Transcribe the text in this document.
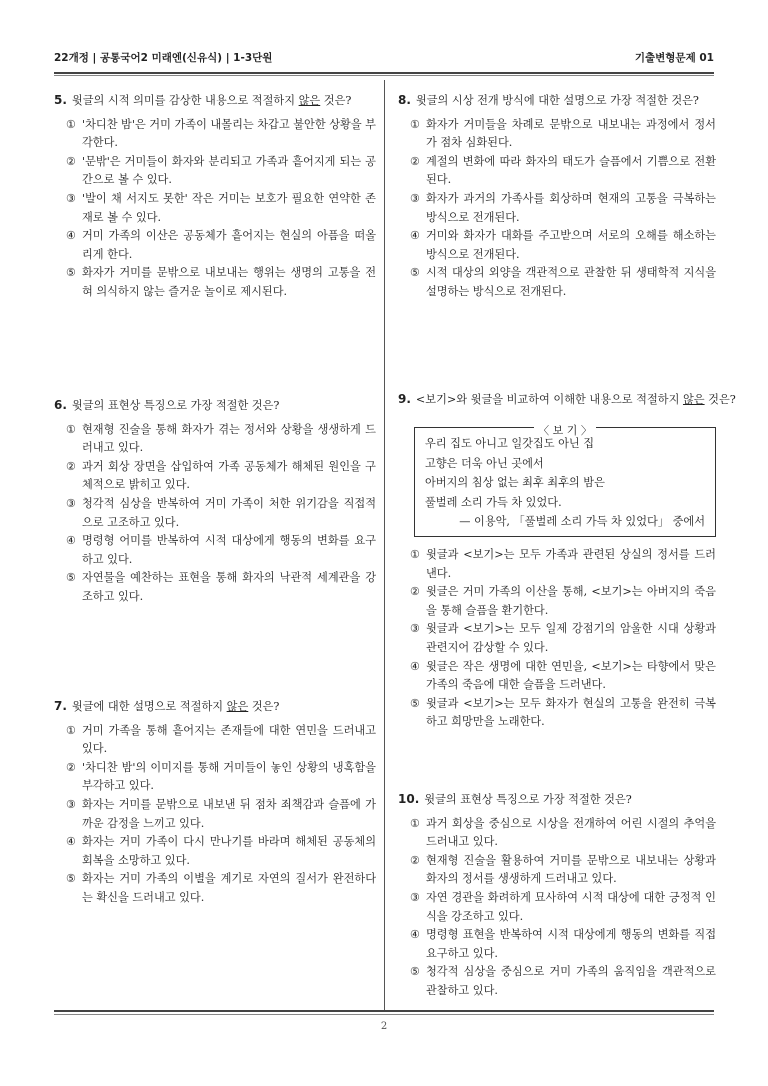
22개정 | 공통국어2 미래엔(신유식) | 1-3단원	기출변형문제 01
5. 윗글의 시적 의미를 감상한 내용으로 적절하지 않은 것은?
① '차디찬 밤'은 거미 가족이 내몰리는 차갑고 불안한 상황을 부각한다.
② '문밖'은 거미들이 화자와 분리되고 가족과 흩어지게 되는 공간으로 볼 수 있다.
③ '발이 채 서지도 못한' 작은 거미는 보호가 필요한 연약한 존재로 볼 수 있다.
④ 거미 가족의 이산은 공동체가 흩어지는 현실의 아픔을 떠올리게 한다.
⑤ 화자가 거미를 문밖으로 내보내는 행위는 생명의 고통을 전혀 의식하지 않는 즐거운 놀이로 제시된다.
6. 윗글의 표현상 특징으로 가장 적절한 것은?
① 현재형 진술을 통해 화자가 겪는 정서와 상황을 생생하게 드러내고 있다.
② 과거 회상 장면을 삽입하여 가족 공동체가 해체된 원인을 구체적으로 밝히고 있다.
③ 청각적 심상을 반복하여 거미 가족이 처한 위기감을 직접적으로 고조하고 있다.
④ 명령형 어미를 반복하여 시적 대상에게 행동의 변화를 요구하고 있다.
⑤ 자연물을 예찬하는 표현을 통해 화자의 낙관적 세계관을 강조하고 있다.
7. 윗글에 대한 설명으로 적절하지 않은 것은?
① 거미 가족을 통해 흩어지는 존재들에 대한 연민을 드러내고 있다.
② '차디찬 밤'의 이미지를 통해 거미들이 놓인 상황의 냉혹함을 부각하고 있다.
③ 화자는 거미를 문밖으로 내보낸 뒤 점차 죄책감과 슬픔에 가까운 감정을 느끼고 있다.
④ 화자는 거미 가족이 다시 만나기를 바라며 해체된 공동체의 회복을 소망하고 있다.
⑤ 화자는 거미 가족의 이별을 계기로 자연의 질서가 완전하다는 확신을 드러내고 있다.
8. 윗글의 시상 전개 방식에 대한 설명으로 가장 적절한 것은?
① 화자가 거미들을 차례로 문밖으로 내보내는 과정에서 정서가 점차 심화된다.
② 계절의 변화에 따라 화자의 태도가 슬픔에서 기쁨으로 전환된다.
③ 화자가 과거의 가족사를 회상하며 현재의 고통을 극복하는 방식으로 전개된다.
④ 거미와 화자가 대화를 주고받으며 서로의 오해를 해소하는 방식으로 전개된다.
⑤ 시적 대상의 외양을 객관적으로 관찰한 뒤 생태학적 지식을 설명하는 방식으로 전개된다.
9. <보기>와 윗글을 비교하여 이해한 내용으로 적절하지 않은 것은?
〈 보 기 〉
우리 집도 아니고 일갓집도 아닌 집
고향은 더욱 아닌 곳에서
아버지의 침상 없는 최후 최후의 밤은
풀벌레 소리 가득 차 있었다.
— 이용악, 「풀벌레 소리 가득 차 있었다」 중에서
① 윗글과 <보기>는 모두 가족과 관련된 상실의 정서를 드러낸다.
② 윗글은 거미 가족의 이산을 통해, <보기>는 아버지의 죽음을 통해 슬픔을 환기한다.
③ 윗글과 <보기>는 모두 일제 강점기의 암울한 시대 상황과 관련지어 감상할 수 있다.
④ 윗글은 작은 생명에 대한 연민을, <보기>는 타향에서 맞은 가족의 죽음에 대한 슬픔을 드러낸다.
⑤ 윗글과 <보기>는 모두 화자가 현실의 고통을 완전히 극복하고 희망만을 노래한다.
10. 윗글의 표현상 특징으로 가장 적절한 것은?
① 과거 회상을 중심으로 시상을 전개하여 어린 시절의 추억을 드러내고 있다.
② 현재형 진술을 활용하여 거미를 문밖으로 내보내는 상황과 화자의 정서를 생생하게 드러내고 있다.
③ 자연 경관을 화려하게 묘사하여 시적 대상에 대한 긍정적 인식을 강조하고 있다.
④ 명령형 표현을 반복하여 시적 대상에게 행동의 변화를 직접 요구하고 있다.
⑤ 청각적 심상을 중심으로 거미 가족의 움직임을 객관적으로 관찰하고 있다.
2
